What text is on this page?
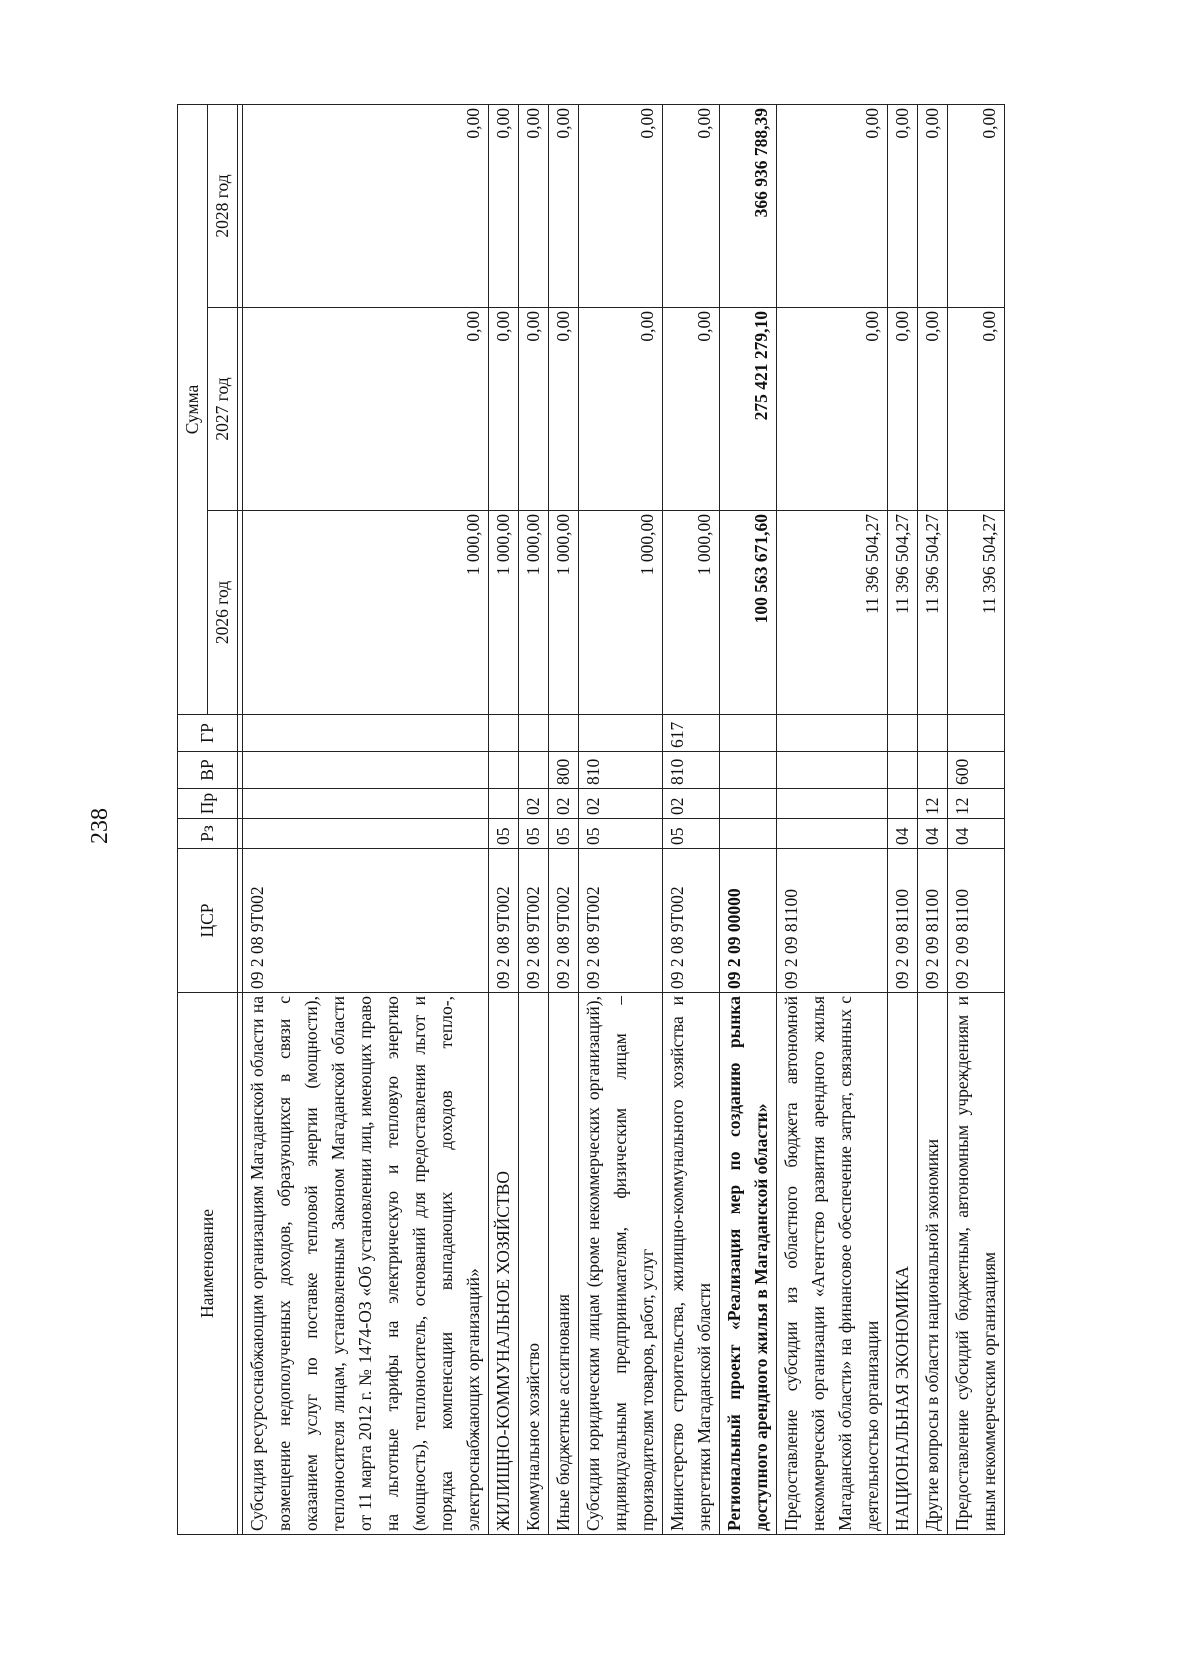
238
Наименование	ЦСР	Рз	Пр	ВР	ГР	Сумма		
						2026 год	2027 год	2028 год

Субсидия ресурсоснабжающим организациям Магаданской области на возмещение недополученных доходов, образующихся в связи с оказанием услуг по поставке тепловой энергии (мощности), теплоносителя лицам, установленным Законом Магаданской области от 11 марта 2012 г. № 1474-ОЗ «Об установлении лиц, имеющих право на льготные тарифы на электрическую и тепловую энергию (мощность), теплоноситель, оснований для предоставления льгот и порядка компенсации выпадающих доходов тепло-, электроснабжающих организаций»	09 2 08 9Т002					1 000,00	0,00	0,00
ЖИЛИЩНО-КОММУНАЛЬНОЕ ХОЗЯЙСТВО	09 2 08 9Т002	05				1 000,00	0,00	0,00
Коммунальное хозяйство	09 2 08 9Т002	05	02			1 000,00	0,00	0,00
Иные бюджетные ассигнования	09 2 08 9Т002	05	02	800		1 000,00	0,00	0,00
Субсидии юридическим лицам (кроме некоммерческих организаций), индивидуальным предпринимателям, физическим лицам – производителям товаров, работ, услуг	09 2 08 9Т002	05	02	810		1 000,00	0,00	0,00
Министерство строительства, жилищно-коммунального хозяйства и энергетики Магаданской области	09 2 08 9Т002	05	02	810	617	1 000,00	0,00	0,00
Региональный проект «Реализация мер по созданию рынка доступного арендного жилья в Магаданской области»	09 2 09 00000					100 563 671,60	275 421 279,10	366 936 788,39
Предоставление субсидии из областного бюджета автономной некоммерческой организации «Агентство развития арендного жилья Магаданской области» на финансовое обеспечение затрат, связанных с деятельностью организации	09 2 09 81100					11 396 504,27	0,00	0,00
НАЦИОНАЛЬНАЯ ЭКОНОМИКА	09 2 09 81100	04				11 396 504,27	0,00	0,00
Другие вопросы в области национальной экономики	09 2 09 81100	04	12			11 396 504,27	0,00	0,00
Предоставление субсидий бюджетным, автономным учреждениям и иным некоммерческим организациям	09 2 09 81100	04	12	600		11 396 504,27	0,00	0,00
